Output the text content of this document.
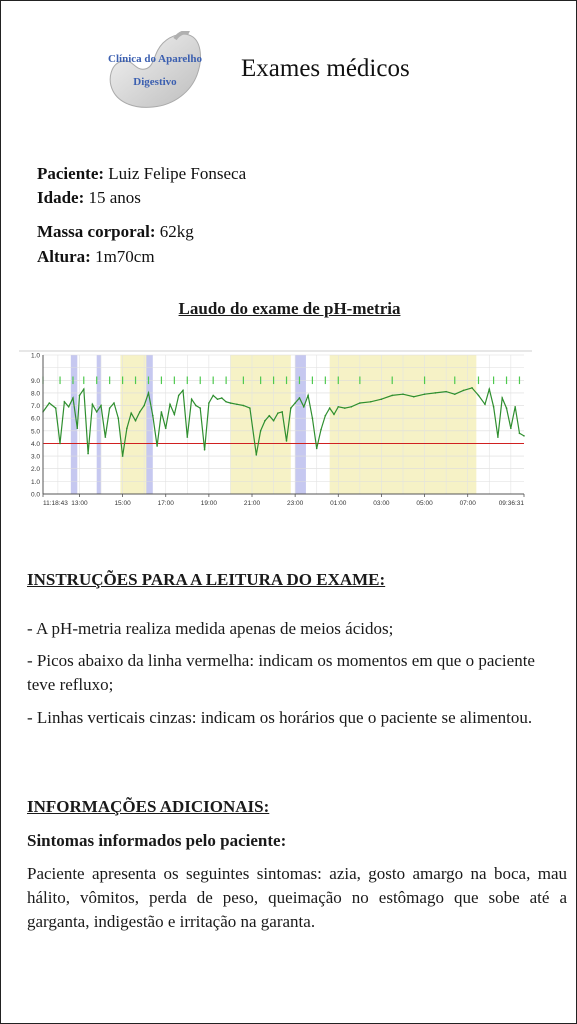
Clínica do Aparelho
Digestivo	Exames médicos
Paciente: Luiz Felipe Fonseca
Idade: 15 anos
Massa corporal: 62kg
Altura: 1m70cm
Laudo do exame de pH-metria
0.0
1.0
2.0
3.0
4.0
5.0
6.0
7.0
8.0
9.0
1.0
11:18:43 13:00	15:00	17:00	19:00	21:00	23:00	01:00	03:00	05:00	07:00	09:36:31
INSTRUÇÕES PARA A LEITURA DO EXAME:
- A pH-metria realiza medida apenas de meios ácidos;
- Picos abaixo da linha vermelha: indicam os momentos em que o paciente teve refluxo;
- Linhas verticais cinzas: indicam os horários que o paciente se alimentou.
INFORMAÇÕES ADICIONAIS:
Sintomas informados pelo paciente:
Paciente apresenta os seguintes sintomas: azia, gosto amargo na boca, mau hálito, vômitos, perda de peso, queimação no estômago que sobe até a garganta, indigestão e irritação na garanta.
